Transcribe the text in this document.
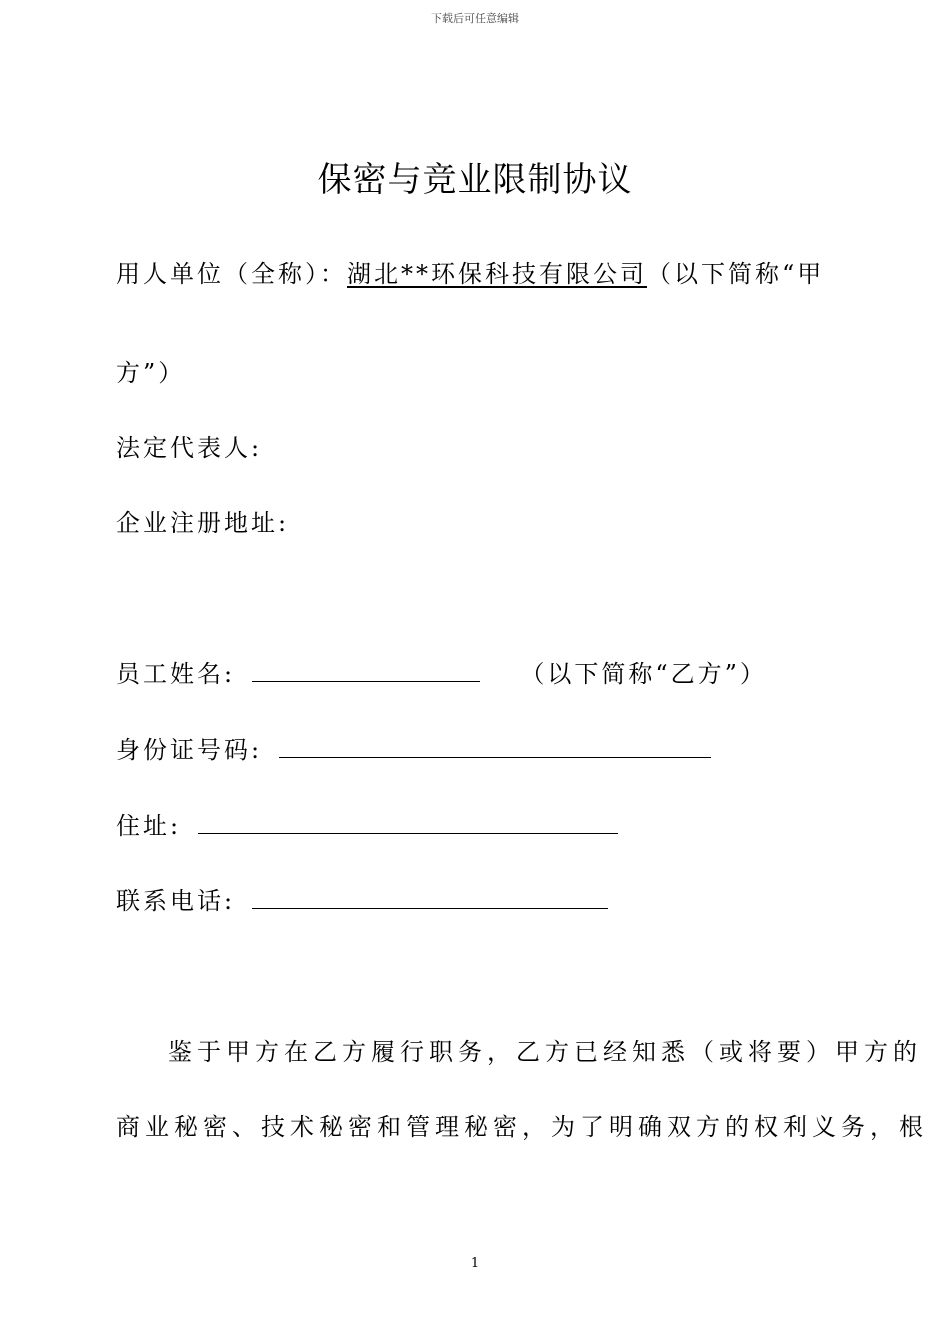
下载后可任意编辑
保密与竞业限制协议
用人单位（全称）：湖北**环保科技有限公司（以下简称“甲
方”）
法定代表人:
企业注册地址:
员工姓名:	（以下简称“乙方”）
身份证号码:
住址:
联系电话:
鉴于甲方在乙方履行职务，乙方已经知悉（或将要）甲方的
商业秘密、技术秘密和管理秘密，为了明确双方的权利义务，根
1
